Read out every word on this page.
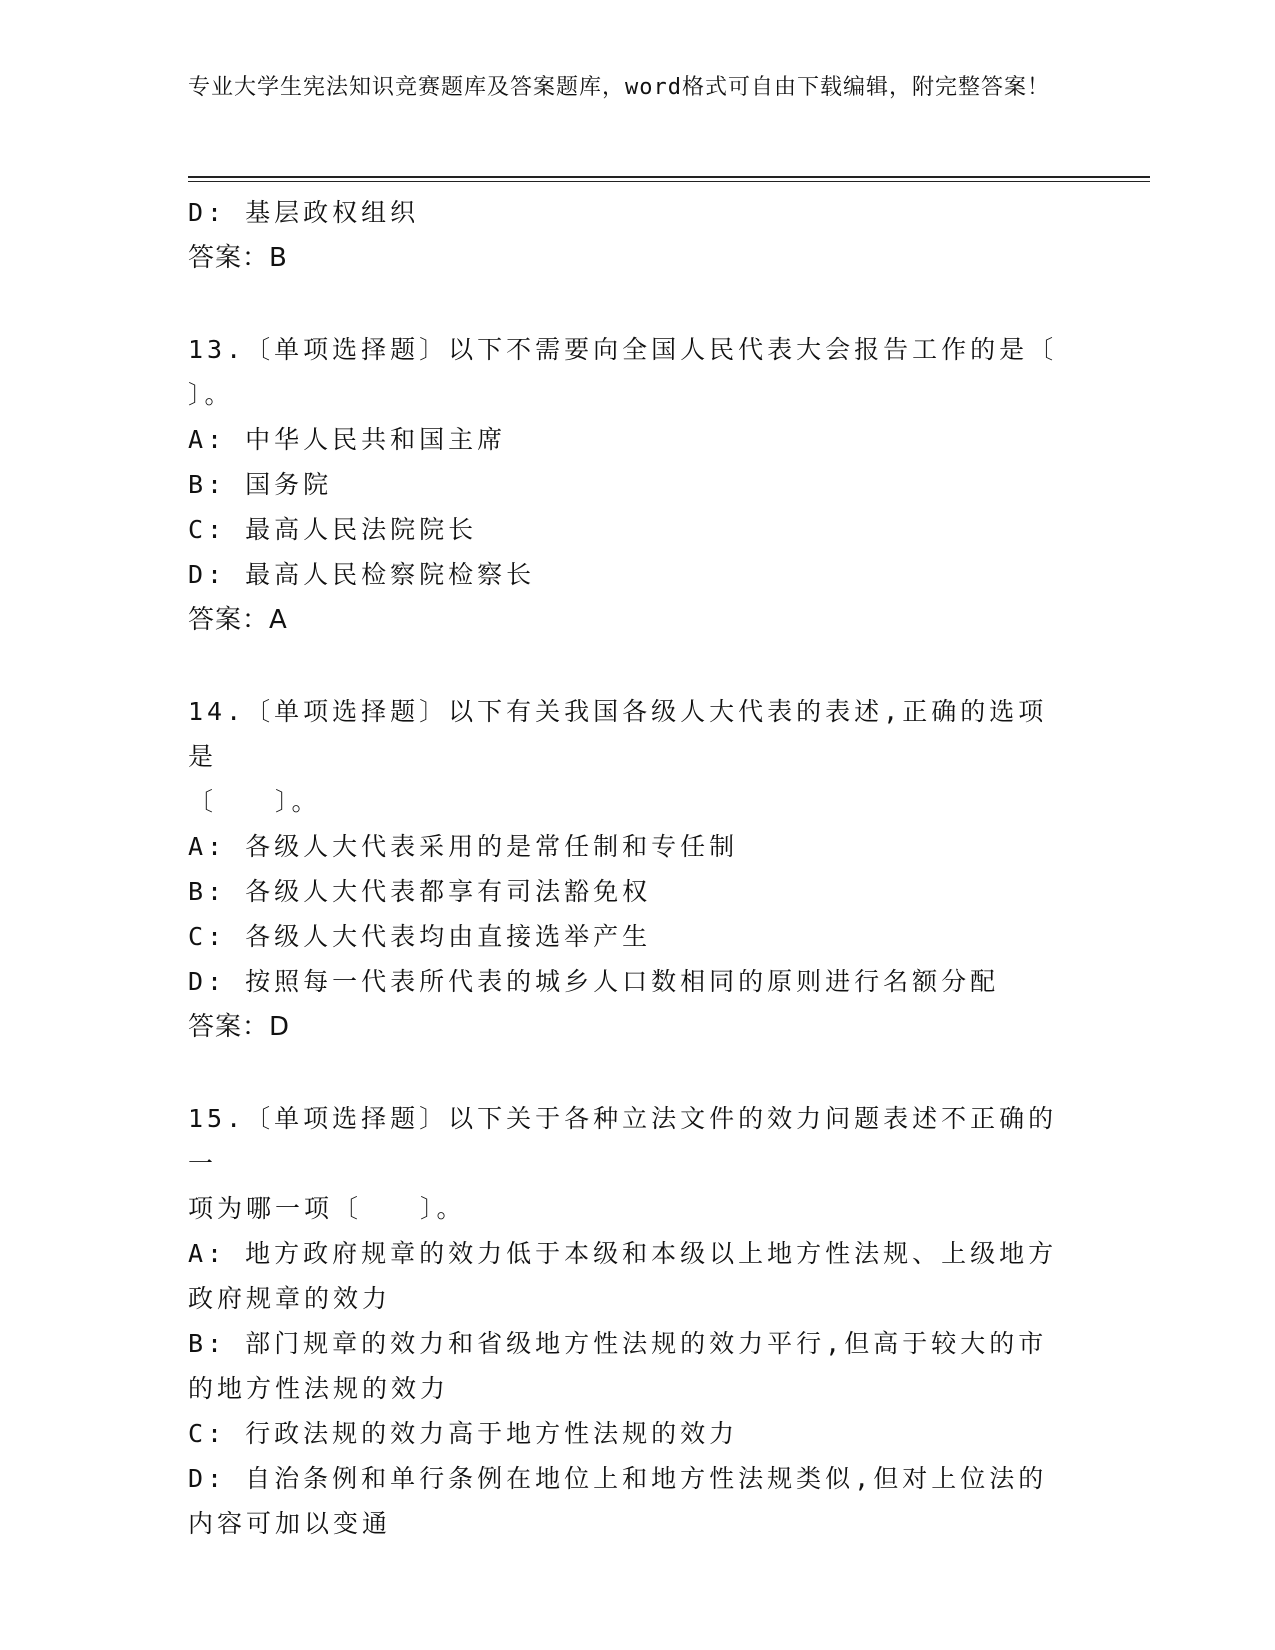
专业大学生宪法知识竞赛题库及答案题库，word格式可自由下载编辑，附完整答案！

D: 基层政权组织

答案：B

13.〔单项选择题〕以下不需要向全国人民代表大会报告工作的是〔

〕。

A: 中华人民共和国主席

B: 国务院

C: 最高人民法院院长

D: 最高人民检察院检察长

答案：A

14.〔单项选择题〕以下有关我国各级人大代表的表述,正确的选项是

〔　　〕。

A: 各级人大代表采用的是常任制和专任制

B: 各级人大代表都享有司法豁免权

C: 各级人大代表均由直接选举产生

D: 按照每一代表所代表的城乡人口数相同的原则进行名额分配

答案：D

15.〔单项选择题〕以下关于各种立法文件的效力问题表述不正确的一

项为哪一项〔　　〕。

A: 地方政府规章的效力低于本级和本级以上地方性法规、上级地方政府规章的效力

B: 部门规章的效力和省级地方性法规的效力平行,但高于较大的市的地方性法规的效力

C: 行政法规的效力高于地方性法规的效力

D: 自治条例和单行条例在地位上和地方性法规类似,但对上位法的内容可加以变通
